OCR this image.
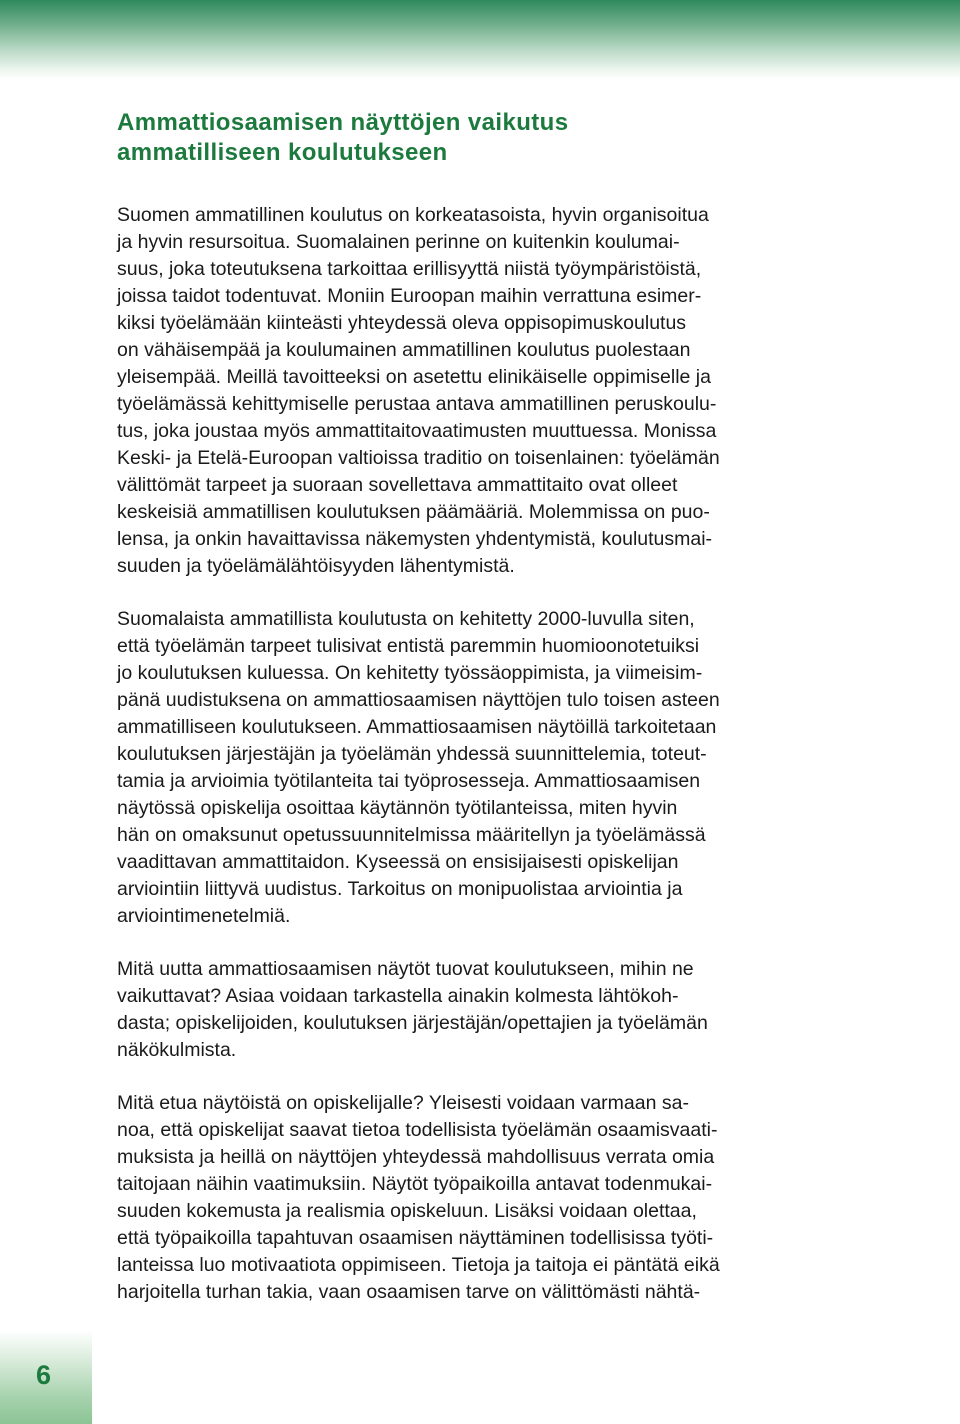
Ammattiosaamisen näyttöjen vaikutus
ammatilliseen koulutukseen

Suomen ammatillinen koulutus on korkeatasoista, hyvin organisoitua
ja hyvin resursoitua. Suomalainen perinne on kuitenkin koulumai-
suus, joka toteutuksena tarkoittaa erillisyyttä niistä työympäristöistä,
joissa taidot todentuvat. Moniin Euroopan maihin verrattuna esimer-
kiksi työelämään kiinteästi yhteydessä oleva oppisopimuskoulutus
on vähäisempää ja koulumainen ammatillinen koulutus puolestaan
yleisempää. Meillä tavoitteeksi on asetettu elinikäiselle oppimiselle ja
työelämässä kehittymiselle perustaa antava ammatillinen peruskoulu-
tus, joka joustaa myös ammattitaitovaatimusten muuttuessa. Monissa
Keski- ja Etelä-Euroopan valtioissa traditio on toisenlainen: työelämän
välittömät tarpeet ja suoraan sovellettava ammattitaito ovat olleet
keskeisiä ammatillisen koulutuksen päämääriä. Molemmissa on puo-
lensa, ja onkin havaittavissa näkemysten yhdentymistä, koulutusmai-
suuden ja työelämälähtöisyyden lähentymistä.

Suomalaista ammatillista koulutusta on kehitetty 2000-luvulla siten,
että työelämän tarpeet tulisivat entistä paremmin huomioonotetuiksi
jo koulutuksen kuluessa. On kehitetty työssäoppimista, ja viimeisim-
pänä uudistuksena on ammattiosaamisen näyttöjen tulo toisen asteen
ammatilliseen koulutukseen. Ammattiosaamisen näytöillä tarkoitetaan
koulutuksen järjestäjän ja työelämän yhdessä suunnittelemia, toteut-
tamia ja arvioimia työtilanteita tai työprosesseja. Ammattiosaamisen
näytössä opiskelija osoittaa käytännön työtilanteissa, miten hyvin
hän on omaksunut opetussuunnitelmissa määritellyn ja työelämässä
vaadittavan ammattitaidon. Kyseessä on ensisijaisesti opiskelijan
arviointiin liittyvä uudistus. Tarkoitus on monipuolistaa arviointia ja
arviointimenetelmiä.

Mitä uutta ammattiosaamisen näytöt tuovat koulutukseen, mihin ne
vaikuttavat? Asiaa voidaan tarkastella ainakin kolmesta lähtökoh-
dasta; opiskelijoiden, koulutuksen järjestäjän/opettajien ja työelämän
näkökulmista.

Mitä etua näytöistä on opiskelijalle? Yleisesti voidaan varmaan sa-
noa, että opiskelijat saavat tietoa todellisista työelämän osaamisvaati-
muksista ja heillä on näyttöjen yhteydessä mahdollisuus verrata omia
taitojaan näihin vaatimuksiin. Näytöt työpaikoilla antavat todenmukai-
suuden kokemusta ja realismia opiskeluun. Lisäksi voidaan olettaa,
että työpaikoilla tapahtuvan osaamisen näyttäminen todellisissa työti-
lanteissa luo motivaatiota oppimiseen. Tietoja ja taitoja ei päntätä eikä
harjoitella turhan takia, vaan osaamisen tarve on välittömästi nähtä-

6
